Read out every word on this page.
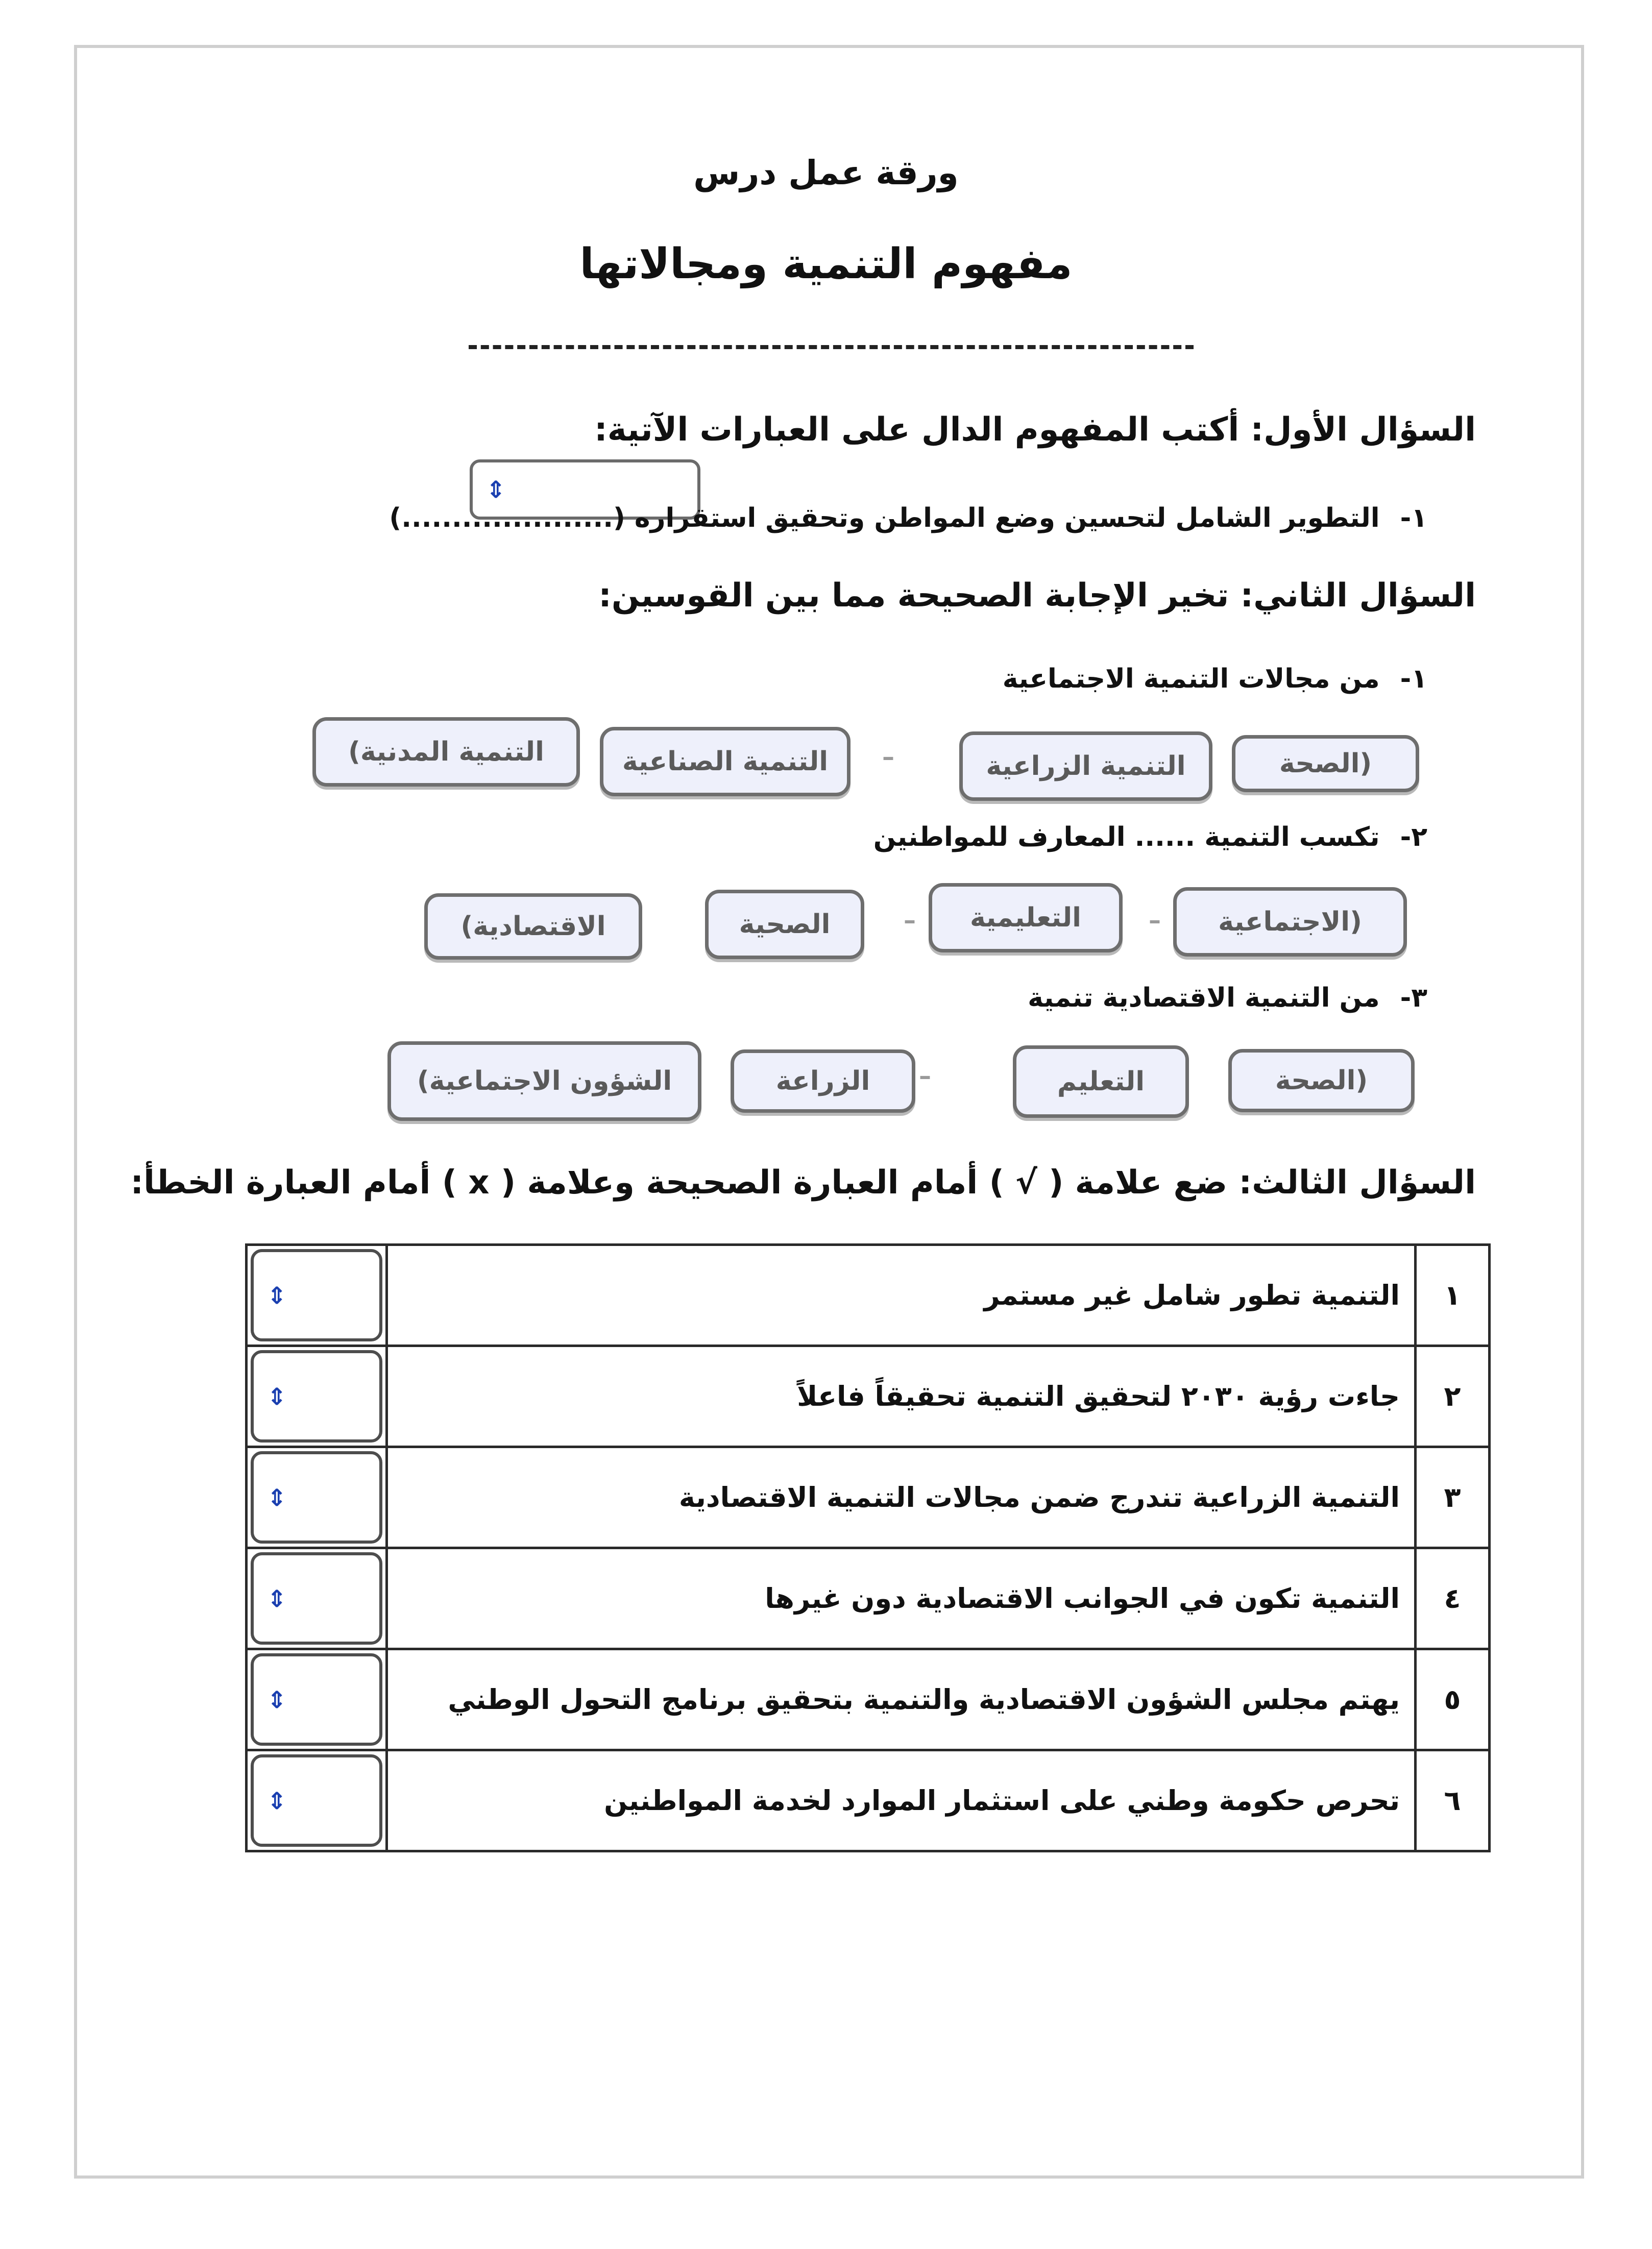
ورقة عمل درس
مفهوم التنمية ومجالاتها
السؤال الأول: أكتب المفهوم الدال على العبارات الآتية:
⇕
١- التطوير الشامل لتحسين وضع المواطن وتحقيق استقراره (.....................)
السؤال الثاني: تخير الإجابة الصحيحة مما بين القوسين:
١- من مجالات التنمية الاجتماعية
(الصحة
التنمية الزراعية
–
التنمية الصناعية
التنمية المدنية)
٢- تكسب التنمية ...... المعارف للمواطنين
(الاجتماعية
–
التعليمية
–
الصحية
الاقتصادية)
٣- من التنمية الاقتصادية تنمية
(الصحة
التعليم
الزراعة	–
الشؤون الاجتماعية)
السؤال الثالث: ضع علامة ( √ ) أمام العبارة الصحيحة وعلامة ( x ) أمام العبارة الخطأ:
١	التنمية تطور شامل غير مستمر	⇕

٢	جاءت رؤية ٢٠٣٠ لتحقيق التنمية تحقيقاً فاعلاً	⇕

٣	التنمية الزراعية تندرج ضمن مجالات التنمية الاقتصادية	⇕

٤	التنمية تكون في الجوانب الاقتصادية دون غيرها	⇕

٥	يهتم مجلس الشؤون الاقتصادية والتنمية بتحقيق برنامج التحول الوطني	⇕

٦	تحرص حكومة وطني على استثمار الموارد لخدمة المواطنين	⇕
